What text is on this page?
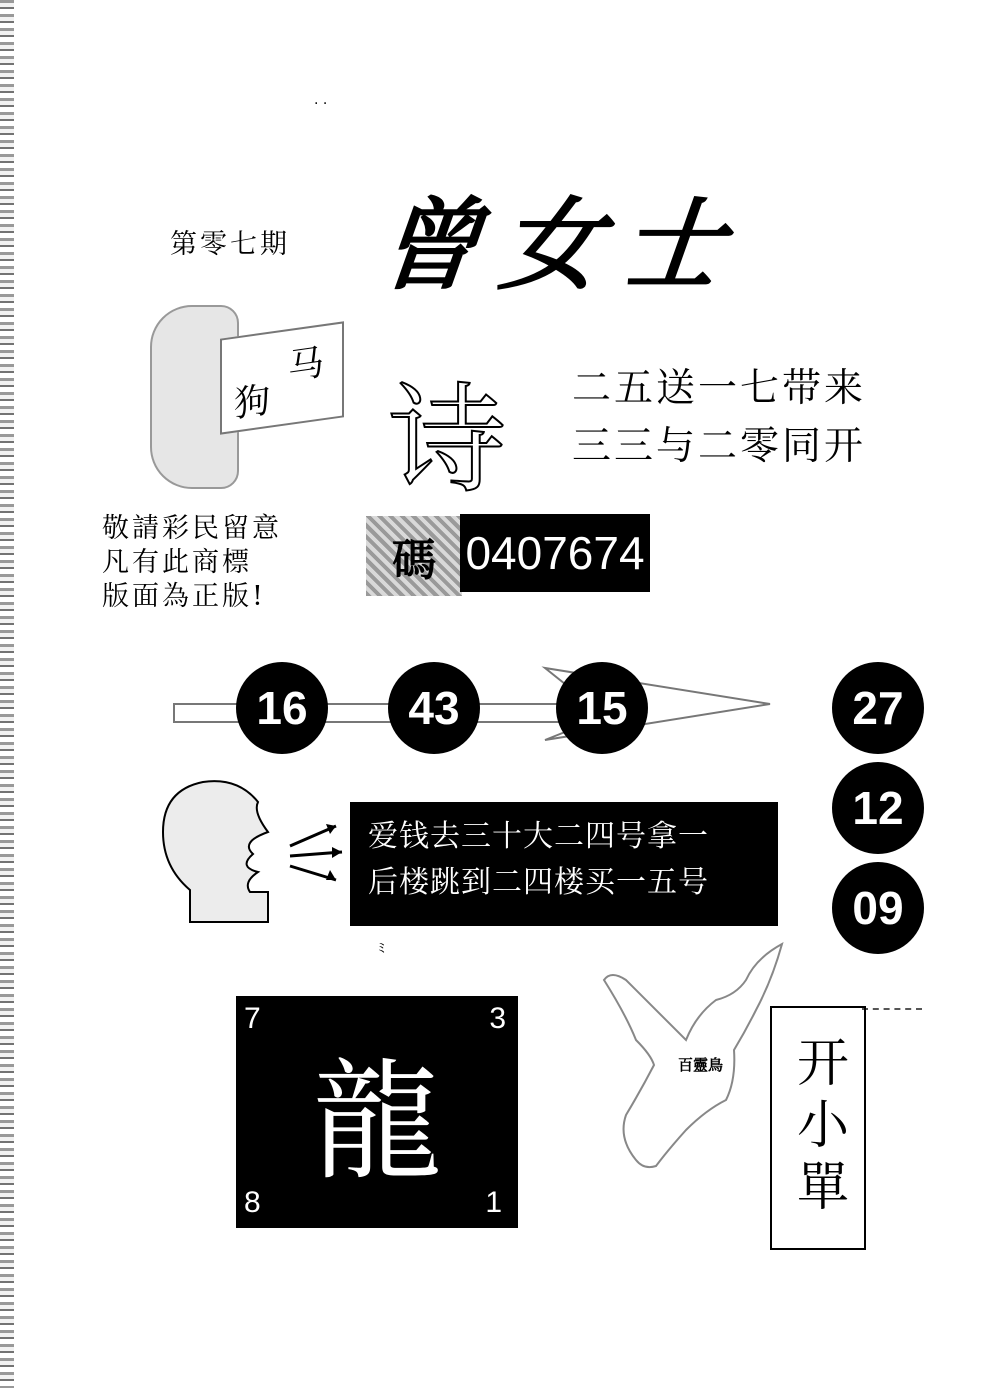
· ·
第零七期 曾女士
狗
马
诗 二五送一七带来
三三与二零同开
敬請彩民留意
凡有此商標
版面為正版!
碼 0407674
16	43	15	27
12
09
爱钱去三十大二四号拿一
后楼跳到二四楼买一五号
ﾐ
7	3
龍
8	1
百靈鳥 开小單
